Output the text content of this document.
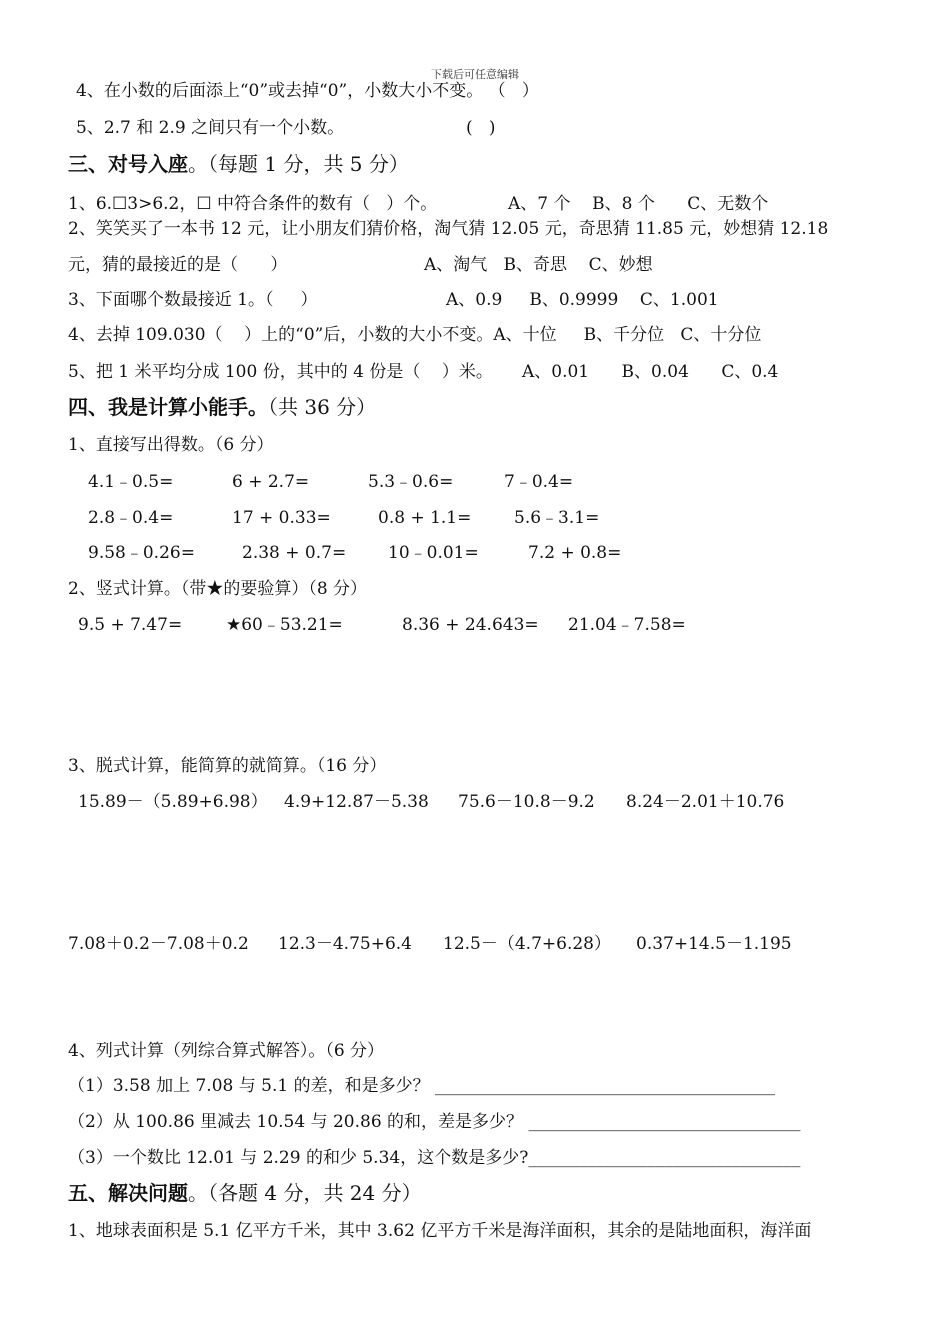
下载后可任意编辑
4、在小数的后面添上“0”或去掉“0”，小数大小不变。 （   ）
5、2.7 和 2.9 之间只有一个小数。	(   )
三、对号入座。（每题 1 分，共 5 分）
1、6.☐3>6.2，☐ 中符合条件的数有（   ）个。	A、7 个    B、8 个      C、无数个
2、笑笑买了一本书 12 元，让小朋友们猜价格，淘气猜 12.05 元，奇思猜 11.85 元，妙想猜 12.18
元，猜的最接近的是（      ）	A、淘气   B、奇思    C、妙想
3、下面哪个数最接近 1。（     ）	A、0.9     B、0.9999    C、1.001
4、去掉 109.030（    ）上的“0”后，小数的大小不变。A、十位     B、千分位   C、十分位
5、把 1 米平均分成 100 份，其中的 4 份是（    ）米。 A、0.01      B、0.04      C、0.4
四、我是计算小能手。（共 36 分）
1、直接写出得数。（6 分）
4.1﹣0.5=	6 + 2.7=	5.3﹣0.6=	7﹣0.4=
2.8﹣0.4=	17 + 0.33=	0.8 + 1.1=	5.6﹣3.1=
9.58﹣0.26=	2.38 + 0.7= 10﹣0.01=	7.2 + 0.8=
2、竖式计算。（带★的要验算）（8 分）
9.5 + 7.47=	★60﹣53.21=	8.36 + 24.643= 21.04﹣7.58=
3、脱式计算，能简算的就简算。（16 分）
15.89－（5.89+6.98） 4.9+12.87－5.38 75.6－10.8－9.2 8.24－2.01＋10.76
7.08＋0.2－7.08＋0.2 12.3－4.75+6.4 12.5－（4.7+6.28） 0.37+14.5－1.195
4、列式计算（列综合算式解答）。（6 分）
（1）3.58 加上 7.08 与 5.1 的差，和是多少？ ________________________________________
（2）从 100.86 里减去 10.54 与 20.86 的和，差是多少？ ________________________________
（3）一个数比 12.01 与 2.29 的和少 5.34，这个数是多少?________________________________
五、解决问题。（各题 4 分，共 24 分）
1、地球表面积是 5.1 亿平方千米，其中 3.62 亿平方千米是海洋面积，其余的是陆地面积，海洋面
